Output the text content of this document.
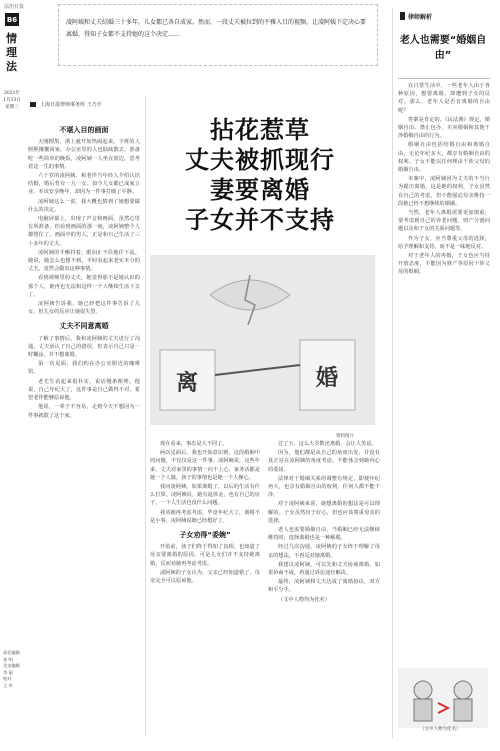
法治日报
B6
情理法
2021年
1月13日
星期三
责任编辑
张 明
美术编辑
李 丽
校对
王 华
凌阿姨和丈夫结婚三十多年，儿女都已各自成家。然而，一段丈夫被拉到的不雅入目的视频，让凌阿姨下定决心要离婚，得知子女都不支持她的这个决定……
律师解析
老人也需要“婚姻自由”
上海日报律师事务所 王乃升
拈花惹草
丈夫被抓现行
妻要离婚
子女并不支持
离	婚
资料图片

不堪入目的画面

天刚擦黑，浙上就开始热闹起来。下班的人熙熙攘攘回家，办公室里的人也陆续散去，准备吃一些简单的晚饭，凌阿姨一人坐在窗边，思考着这一生的事情。

六十岁的凌阿姨，和老伴当年经人介绍认识结婚，婚后育有一儿一女。如今儿女都已成家立业，本该安享晚年，却因为一件事打破了平静。

凌阿姨这么一说，我大概也猜到了她想要做什么的决定。

电脑屏幕上，出现了声音和画面，虽然心里有所准备，但看到画面的那一刻，凌阿姨整个人都愣住了。画面中的男人，正是和自己生活了三十多年的丈夫。

凌阿姨的手颤抖着，眼泪止不住地往下流。她说，她怎么也想不到，平时看起来老实本分的丈夫，竟然会做出这种事情。

看到视频里的丈夫，她觉得那不是她认识的那个人，她再也无法和这样一个人继续生活下去了。

凌阿姨告诉我，她已经把这件事告诉了儿女，但儿女的反应让她很失望。

丈夫不同意离婚

了解了事情后，我和凌阿姨的丈夫进行了沟通。丈夫承认了自己的错误，但表示自己只是一时糊涂，并不想离婚。

第一次见面，我们约在办公室附近的咖啡馆。

老先生看起来很朴实，说话慢条斯理。他说，自己年纪大了，这件事是自己做得不对，希望老伴能够原谅他。

他说，一辈子不容易，走到今天不想因为一件事就散了这个家。

现在看来，事态是大不同了。

两次见面后，我也开始意识到，这段婚姻中的问题，不仅仅是这一件事。凌阿姨说，这些年来，丈夫对家里的事情一向不上心，家务活都是她一个人做，孩子的事情也是她一个人操心。

我问凌阿姨，如果离婚了，以后的生活有什么打算。凌阿姨说，她有退休金，也有自己的房子，一个人生活也没什么问题。

我劝她再考虑考虑，毕竟年纪大了，离婚不是小事。凌阿姨说她已经想好了。

子女劝得“委婉”

开始前，孩子们终于得知了真相，也知道了母亲要离婚的原因。可是儿女们并不支持她离婚，反而劝她再考虑考虑。

凌阿姨的子女认为，父亲已经知道错了，母亲完全可以原谅他。

过了五、这么大岁数还离婚，会让人笑话。

因为，他们都是从自己的角度出发，并没有真正站在凌阿姨的角度考虑。不能体会到她内心的委屈。

法律对于婚姻关系的调整有规定，即便年纪再大，也享有婚姻自由的权利，任何人都不能干涉。

对于凌阿姨来说，她想离婚的想法是可以理解的。子女虽然出于好心，但也应该尊重母亲的选择。

老人也需要婚姻自由。当婚姻已经无法继续维持时，选择离婚也是一种解脱。

经过几次沟通，凌阿姨的子女终于理解了母亲的想法，不再反对她离婚。

我建议凌阿姨，可以先和丈夫协商离婚，如果协商不成，再通过诉讼途径解决。

最终，凌阿姨和丈夫达成了离婚协议，双方和平分手。

（文中人物均为化名）

在日常生活中，一些老年人由于各种原因，想要离婚，却遭到子女的反对。那么，老年人是否有离婚的自由呢？

答案是肯定的。《民法典》规定，婚姻自由，禁止包办、买卖婚姻和其他干涉婚姻自由的行为。

婚姻自由包括结婚自由和离婚自由。无论年纪多大，都享有婚姻自由的权利。子女不能以任何理由干涉父母的婚姻自由。

本案中，凌阿姨因为丈夫的不当行为提出离婚，这是她的权利，子女虽然有自己的考虑，但不能强迫母亲维持一段她已经不想继续的婚姻。

当然，老年人离婚需要更加慎重，要考虑到自己的养老问题、财产分割问题以及和子女的关系问题等。

作为子女，应当尊重父母的选择，给予理解和支持，而不是一味地反对。

对于老年人的再婚，子女也应当持开放态度，不能因为财产等原因干涉父母的婚姻。

（文中人物为化名）
